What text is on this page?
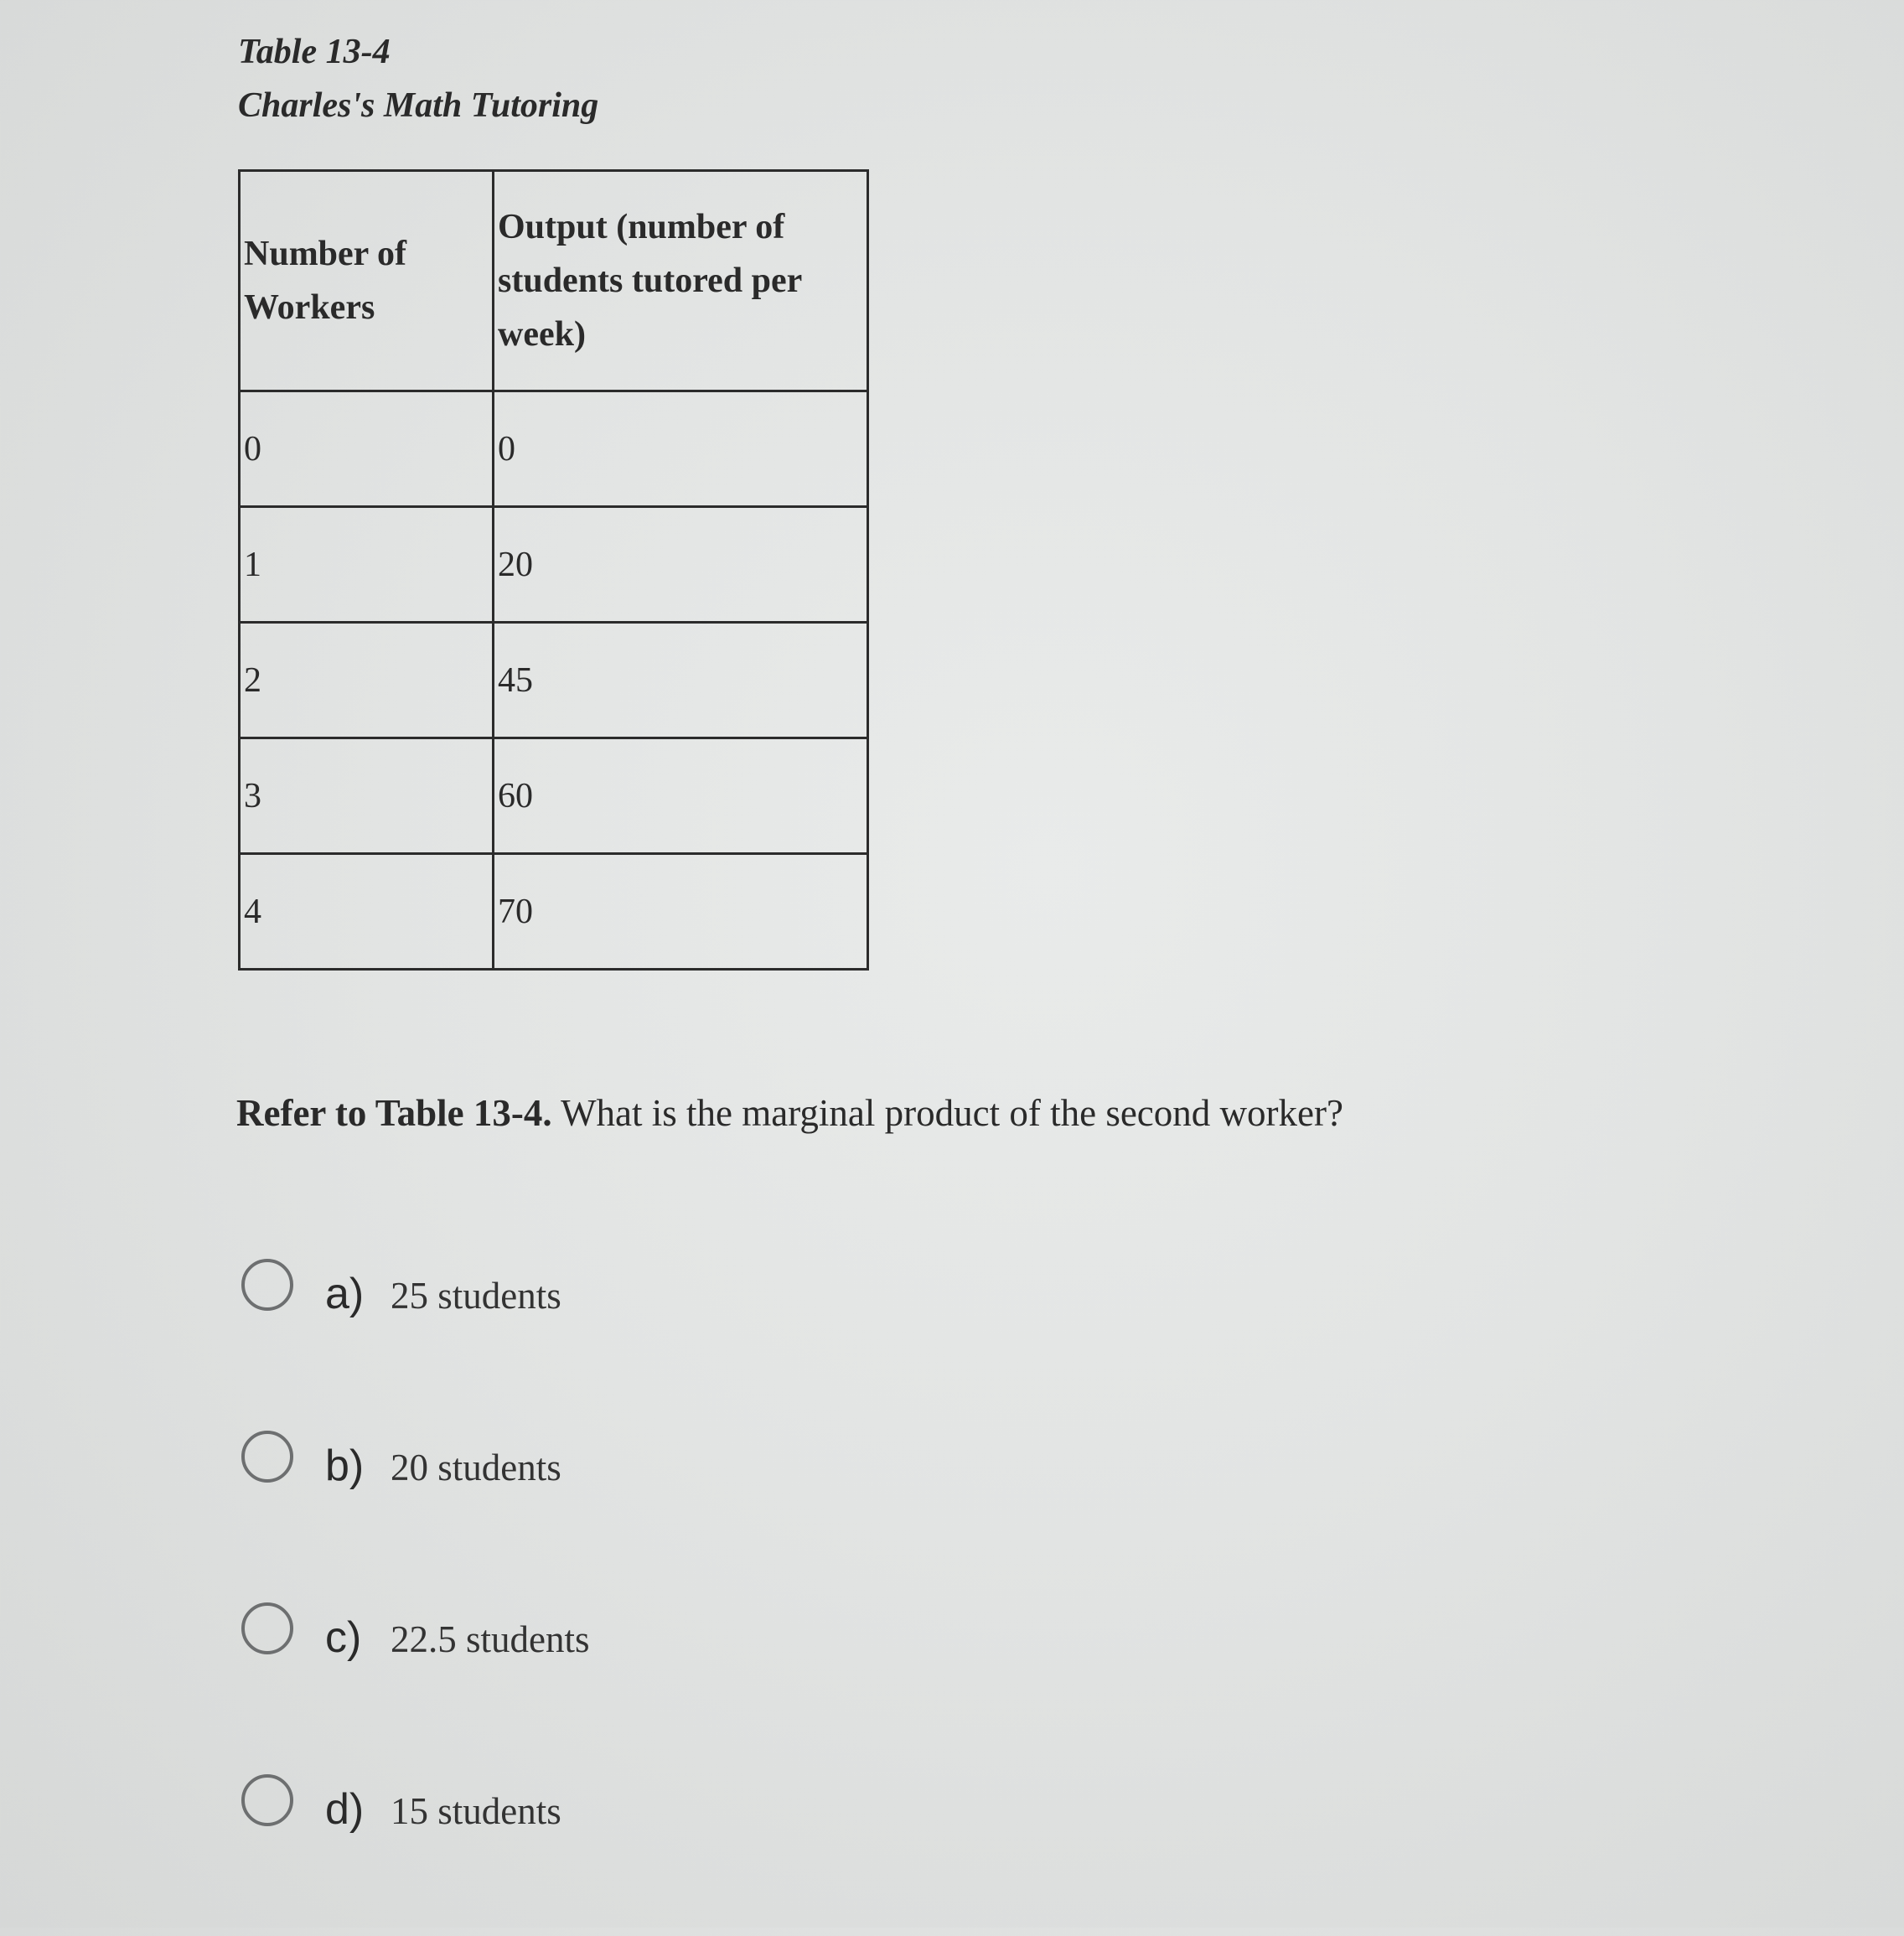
Table 13-4
Charles's Math Tutoring
Number of Workers	Output (number of students tutored per week)
0	0
1	20
2	45
3	60
4	70
Refer to Table 13-4. What is the marginal product of the second worker?
a) 25 students
b) 20 students
c) 22.5 students
d) 15 students
